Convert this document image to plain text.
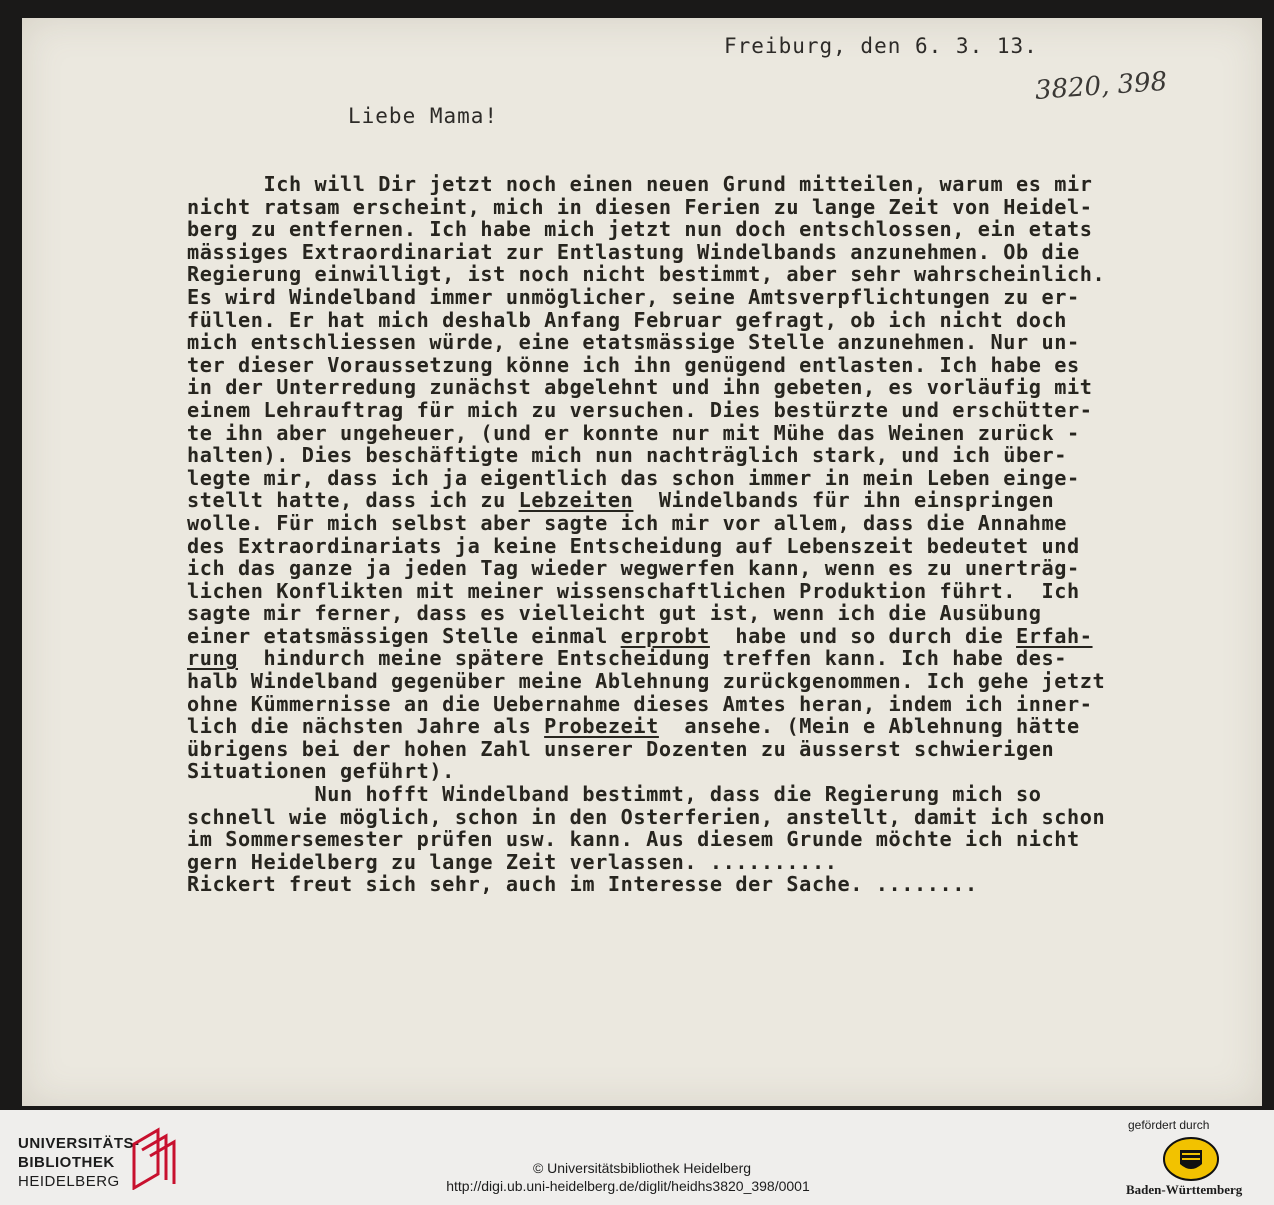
Freiburg, den 6. 3. 13.
3820, 398
Liebe Mama!
Ich will Dir jetzt noch einen neuen Grund mitteilen, warum es mir
nicht ratsam erscheint, mich in diesen Ferien zu lange Zeit von Heidel-
berg zu entfernen. Ich habe mich jetzt nun doch entschlossen, ein etats
mässiges Extraordinariat zur Entlastung Windelbands anzunehmen. Ob die
Regierung einwilligt, ist noch nicht bestimmt, aber sehr wahrscheinlich.
Es wird Windelband immer unmöglicher, seine Amtsverpflichtungen zu er-
füllen. Er hat mich deshalb Anfang Februar gefragt, ob ich nicht doch
mich entschliessen würde, eine etatsmässige Stelle anzunehmen. Nur un-
ter dieser Voraussetzung könne ich ihn genügend entlasten. Ich habe es
in der Unterredung zunächst abgelehnt und ihn gebeten, es vorläufig mit
einem Lehrauftrag für mich zu versuchen. Dies bestürzte und erschütter-
te ihn aber ungeheuer, (und er konnte nur mit Mühe das Weinen zurück -
halten). Dies beschäftigte mich nun nachträglich stark, und ich über-
legte mir, dass ich ja eigentlich das schon immer in mein Leben einge-
stellt hatte, dass ich zu Lebzeiten  Windelbands für ihn einspringen
wolle. Für mich selbst aber sagte ich mir vor allem, dass die Annahme
des Extraordinariats ja keine Entscheidung auf Lebenszeit bedeutet und
ich das ganze ja jeden Tag wieder wegwerfen kann, wenn es zu unerträg-
lichen Konflikten mit meiner wissenschaftlichen Produktion führt.  Ich
sagte mir ferner, dass es vielleicht gut ist, wenn ich die Ausübung
einer etatsmässigen Stelle einmal erprobt  habe und so durch die Erfah-
rung  hindurch meine spätere Entscheidung treffen kann. Ich habe des-
halb Windelband gegenüber meine Ablehnung zurückgenommen. Ich gehe jetzt
ohne Kümmernisse an die Uebernahme dieses Amtes heran, indem ich inner-
lich die nächsten Jahre als Probezeit  ansehe. (Mein e Ablehnung hätte
übrigens bei der hohen Zahl unserer Dozenten zu äusserst schwierigen
Situationen geführt).
Nun hofft Windelband bestimmt, dass die Regierung mich so
schnell wie möglich, schon in den Osterferien, anstellt, damit ich schon
im Sommersemester prüfen usw. kann. Aus diesem Grunde möchte ich nicht
gern Heidelberg zu lange Zeit verlassen. ..........
Rickert freut sich sehr, auch im Interesse der Sache. ........
UNIVERSITÄTS-
BIBLIOTHEK
HEIDELBERG
© Universitätsbibliothek Heidelberg
http://digi.ub.uni-heidelberg.de/diglit/heidhs3820_398/0001
gefördert durch
Baden-Württemberg
